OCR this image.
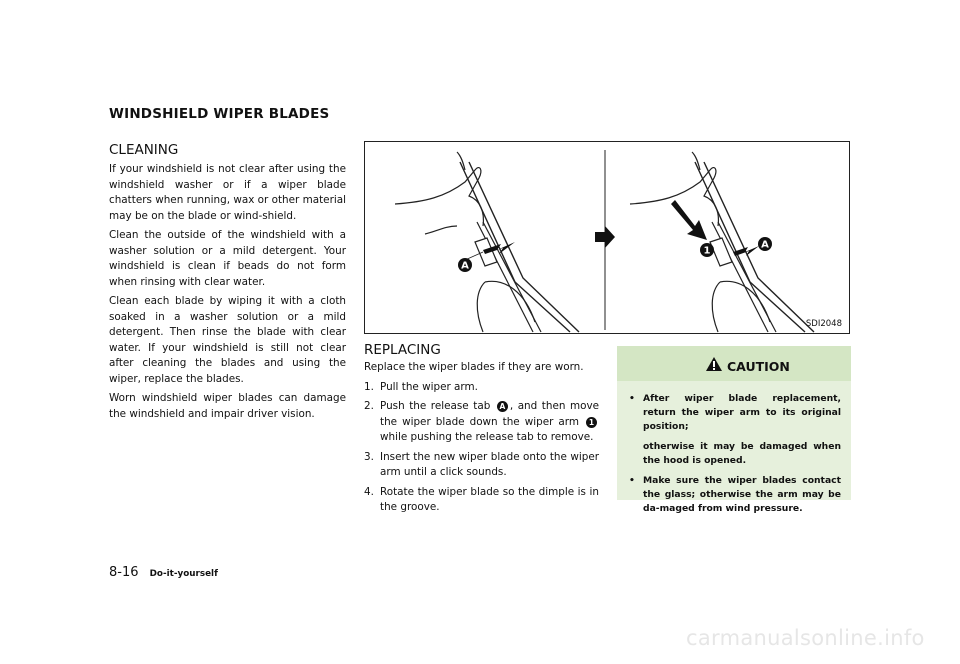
WINDSHIELD WIPER BLADES
CLEANING

If your windshield is not clear after using the windshield washer or if a wiper blade chatters when running, wax or other material may be on the blade or wind-shield.

Clean the outside of the windshield with a washer solution or a mild detergent. Your windshield is clean if beads do not form when rinsing with clear water.

Clean each blade by wiping it with a cloth soaked in a washer solution or a mild detergent. Then rinse the blade with clear water. If your windshield is still not clear after cleaning the blades and using the wiper, replace the blades.

Worn windshield wiper blades can damage the windshield and impair driver vision.

A
1
A
SDI2048
REPLACING
Replace the wiper blades if they are worn.
1. Pull the wiper arm.
2. Push the release tab A , and then move the wiper blade down the wiper arm 1 while pushing the release tab to remove.
3. Insert the new wiper blade onto the wiper arm until a click sounds.
4. Rotate the wiper blade so the dimple is in the groove.
CAUTION
• After wiper blade replacement, return the wiper arm to its original position;
otherwise it may be damaged when the hood is opened.
• Make sure the wiper blades contact the glass; otherwise the arm may be da-maged from wind pressure.
8-16 Do-it-yourself
carmanualsonline.info
